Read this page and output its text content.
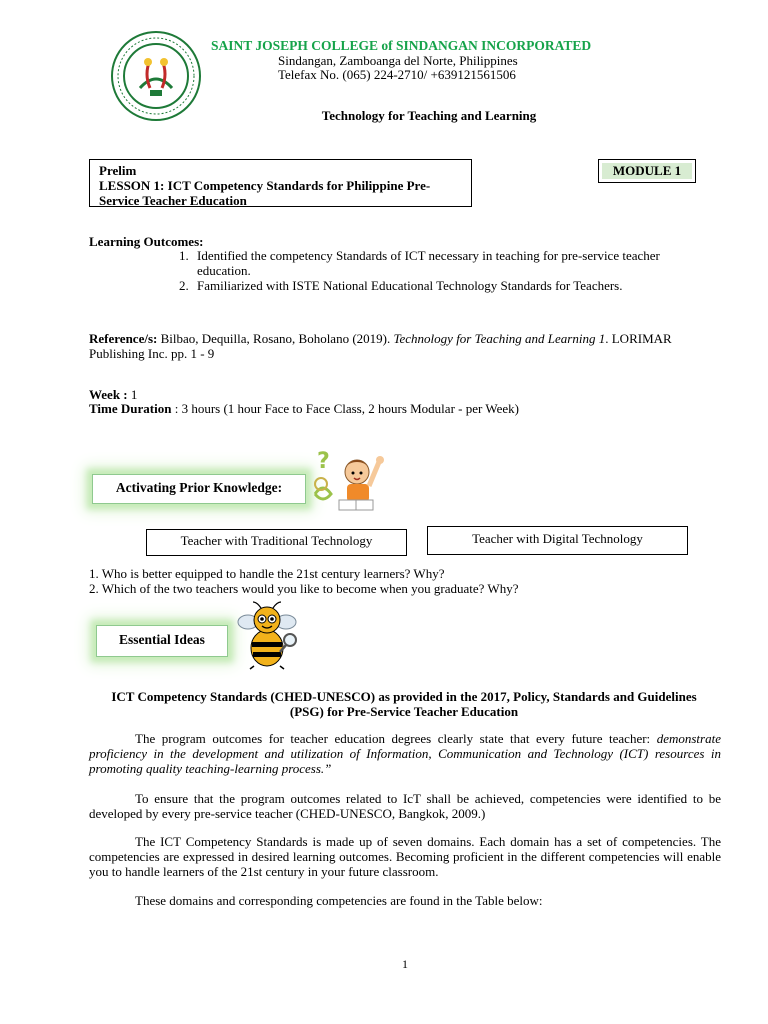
SAINT JOSEPH COLLEGE of SINDANGAN INCORPORATED
Sindangan, Zamboanga del Norte, Philippines
Telefax No. (065) 224-2710/ +639121561506
Technology for Teaching and Learning
Prelim
LESSON 1: ICT Competency Standards for Philippine Pre-
Service Teacher Education
MODULE 1
Learning Outcomes:
1. Identified the competency Standards of ICT necessary in teaching for pre-service teacher
education.
2. Familiarized with ISTE National Educational Technology Standards for Teachers.
Reference/s: Bilbao, Dequilla, Rosano, Boholano (2019). Technology for Teaching and Learning 1. LORIMAR
Publishing Inc. pp. 1 - 9
Week : 1
Time Duration : 3 hours (1 hour Face to Face Class, 2 hours Modular - per Week)
Activating Prior Knowledge:
?
Teacher with Traditional Technology	Teacher with Digital Technology
1. Who is better equipped to handle the 21st century learners? Why?
2. Which of the two teachers would you like to become when you graduate? Why?
Essential Ideas
ICT Competency Standards (CHED-UNESCO) as provided in the 2017, Policy, Standards and Guidelines
(PSG) for Pre-Service Teacher Education
The program outcomes for teacher education degrees clearly state that every future teacher: demonstrate proficiency in the development and utilization of Information, Communication and Technology (ICT) resources in promoting quality teaching-learning process.”
To ensure that the program outcomes related to IcT shall be achieved, competencies were identified to be developed by every pre-service teacher (CHED-UNESCO, Bangkok, 2009.)
The ICT Competency Standards is made up of seven domains. Each domain has a set of competencies. The competencies are expressed in desired learning outcomes. Becoming proficient in the different competencies will enable you to handle learners of the 21st century in your future classroom.
These domains and corresponding competencies are found in the Table below:
1
